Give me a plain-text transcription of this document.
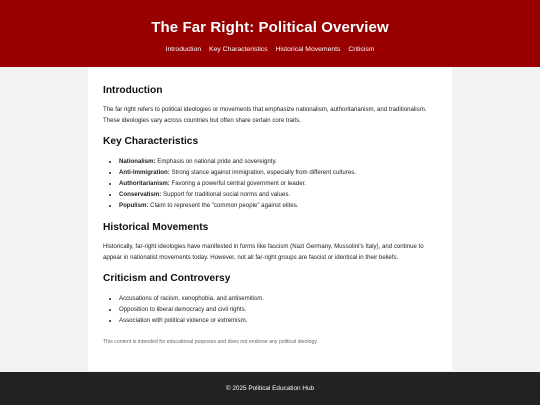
The Far Right: Political Overview
Introduction Key Characteristics Historical Movements Criticism
Introduction

The far right refers to political ideologies or movements that emphasize nationalism, authoritarianism, and traditionalism. These ideologies vary across countries but often share certain core traits.

Key Characteristics
• Nationalism: Emphasis on national pride and sovereignty.
• Anti-Immigration: Strong stance against immigration, especially from different cultures.
• Authoritarianism: Favoring a powerful central government or leader.
• Conservatism: Support for traditional social norms and values.
• Populism: Claim to represent the "common people" against elites.
Historical Movements

Historically, far-right ideologies have manifested in forms like fascism (Nazi Germany, Mussolini's Italy), and continue to appear in nationalist movements today. However, not all far-right groups are fascist or identical in their beliefs.

Criticism and Controversy
• Accusations of racism, xenophobia, and antisemitism.
• Opposition to liberal democracy and civil rights.
• Association with political violence or extremism.

This content is intended for educational purposes and does not endorse any political ideology.

© 2025 Political Education Hub
